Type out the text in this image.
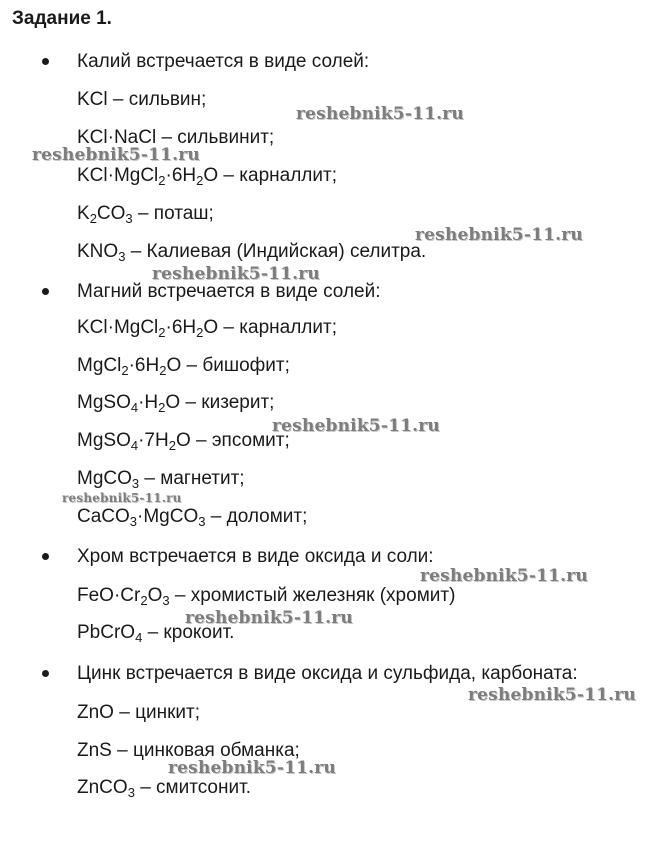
Задание 1.
Калий встречается в виде солей:
KCl – сильвин;
KCl·NaCl – сильвинит;
$KCl\cdot MgCl_2\cdot 6H_2O$ – карналлит;
$K_2CO_3$ – поташ;
$KNO_3$ – Калиевая (Индийская) селитра.
Магний встречается в виде солей:
$KCl\cdot MgCl_2\cdot 6H_2O$ – карналлит;
$MgCl_2\cdot 6H_2O$ – бишофит;
$MgSO_4\cdot H_2O$ – кизерит;
$MgSO_4\cdot 7H_2O$ – эпсомит;
MgCO$_3$ – магнетит;
CaCO$_3$·MgCO$_3$ – доломит;
Хром встречается в виде оксида и соли:
$FeO\cdot Cr_2O_3$ – хромистый железняк (хромит)
PbCrO$_4$ – крокоит.
Цинк встречается в виде оксида и сульфида, карбоната:
ZnO – цинкит;
ZnS – цинковая обманка;
ZnCO$_3$ – смитсонит.
reshebnik5-11.ru
reshebnik5-11.ru
reshebnik5-11.ru
reshebnik5-11.ru
reshebnik5-11.ru
reshebnik5-11.ru
reshebnik5-11.ru
reshebnik5-11.ru
reshebnik5-11.ru
reshebnik5-11.ru
